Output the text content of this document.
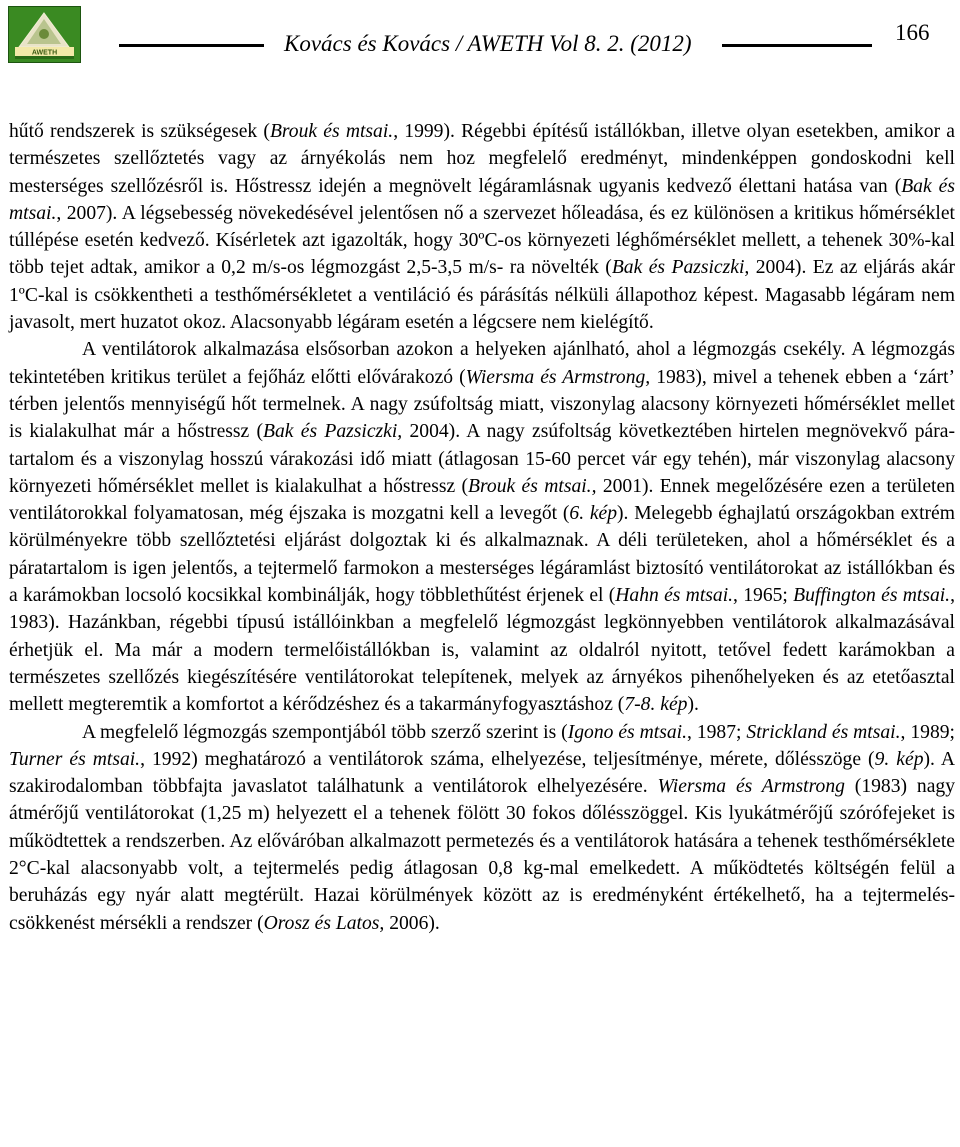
AWETH	Kovács és Kovács / AWETH Vol 8. 2. (2012)	166

hűtő rendszerek is szükségesek (Brouk és mtsai., 1999). Régebbi építésű istállókban, illetve olyan esetekben, amikor a természetes szellőztetés vagy az árnyékolás nem hoz megfelelő eredményt, mindenképpen gondoskodni kell mesterséges szellőzésről is. Hőstressz idején a megnövelt légáramlásnak ugyanis kedvező élettani hatása van (Bak és mtsai., 2007). A légsebesség növekedésével jelentősen nő a szervezet hőleadása, és ez különösen a kritikus hőmérséklet túllépése esetén kedvező. Kísérletek azt igazolták, hogy 30ºC-os környezeti léghőmérséklet mellett, a tehenek 30%-kal több tejet adtak, amikor a 0,2 m/s-os légmozgást 2,5-3,5 m/s- ra növelték (Bak és Pazsiczki, 2004). Ez az eljárás akár 1ºC-kal is csökkentheti a testhőmérsékletet a ventiláció és párásítás nélküli állapothoz képest. Magasabb légáram nem javasolt, mert huzatot okoz. Alacsonyabb légáram esetén a légcsere nem kielégítő.

A ventilátorok alkalmazása elsősorban azokon a helyeken ajánlható, ahol a légmozgás csekély. A légmozgás tekintetében kritikus terület a fejőház előtti elővárakozó (Wiersma és Armstrong, 1983), mivel a tehenek ebben a ‘zárt’ térben jelentős mennyiségű hőt termelnek. A nagy zsúfoltság miatt, viszonylag alacsony környezeti hőmérséklet mellet is kialakulhat már a hőstressz (Bak és Pazsiczki, 2004). A nagy zsúfoltság következtében hirtelen megnövekvő páratartalom és a viszonylag hosszú várakozási idő miatt (átlagosan 15-60 percet vár egy tehén), már viszonylag alacsony környezeti hőmérséklet mellet is kialakulhat a hőstressz (Brouk és mtsai., 2001). Ennek megelőzésére ezen a területen ventilátorokkal folyamatosan, még éjszaka is mozgatni kell a levegőt (6. kép). Melegebb éghajlatú országokban extrém körülményekre több szellőztetési eljárást dolgoztak ki és alkalmaznak. A déli területeken, ahol a hőmérséklet és a páratartalom is igen jelentős, a tejtermelő farmokon a mesterséges légáramlást biztosító ventilátorokat az istállókban és a karámokban locsoló kocsikkal kombinálják, hogy többlethűtést érjenek el (Hahn és mtsai., 1965; Buffington és mtsai., 1983). Hazánkban, régebbi típusú istállóinkban a megfelelő légmozgást legkönnyebben ventilátorok alkalmazásával érhetjük el. Ma már a modern termelőistállókban is, valamint az oldalról nyitott, tetővel fedett karámokban a természetes szellőzés kiegészítésére ventilátorokat telepítenek, melyek az árnyékos pihenőhelyeken és az etetőasztal mellett megteremtik a komfortot a kérődzéshez és a takarmányfogyasztáshoz (7-8. kép).

A megfelelő légmozgás szempontjából több szerző szerint is (Igono és mtsai., 1987; Strickland és mtsai., 1989; Turner és mtsai., 1992) meghatározó a ventilátorok száma, elhelyezése, teljesítménye, mérete, dőlésszöge (9. kép). A szakirodalomban többfajta javaslatot találhatunk a ventilátorok elhelyezésére. Wiersma és Armstrong (1983) nagy átmérőjű ventilátorokat (1,25 m) helyezett el a tehenek fölött 30 fokos dőlésszöggel. Kis lyukátmérőjű szórófejeket is működtettek a rendszerben. Az előváróban alkalmazott permetezés és a ventilátorok hatására a tehenek testhőmérséklete 2°C-kal alacsonyabb volt, a tejtermelés pedig átlagosan 0,8 kg-mal emelkedett. A működtetés költségén felül a beruházás egy nyár alatt megtérült. Hazai körülmények között az is eredményként értékelhető, ha a tejtermelés-csökkenést mérsékli a rendszer (Orosz és Latos, 2006).
